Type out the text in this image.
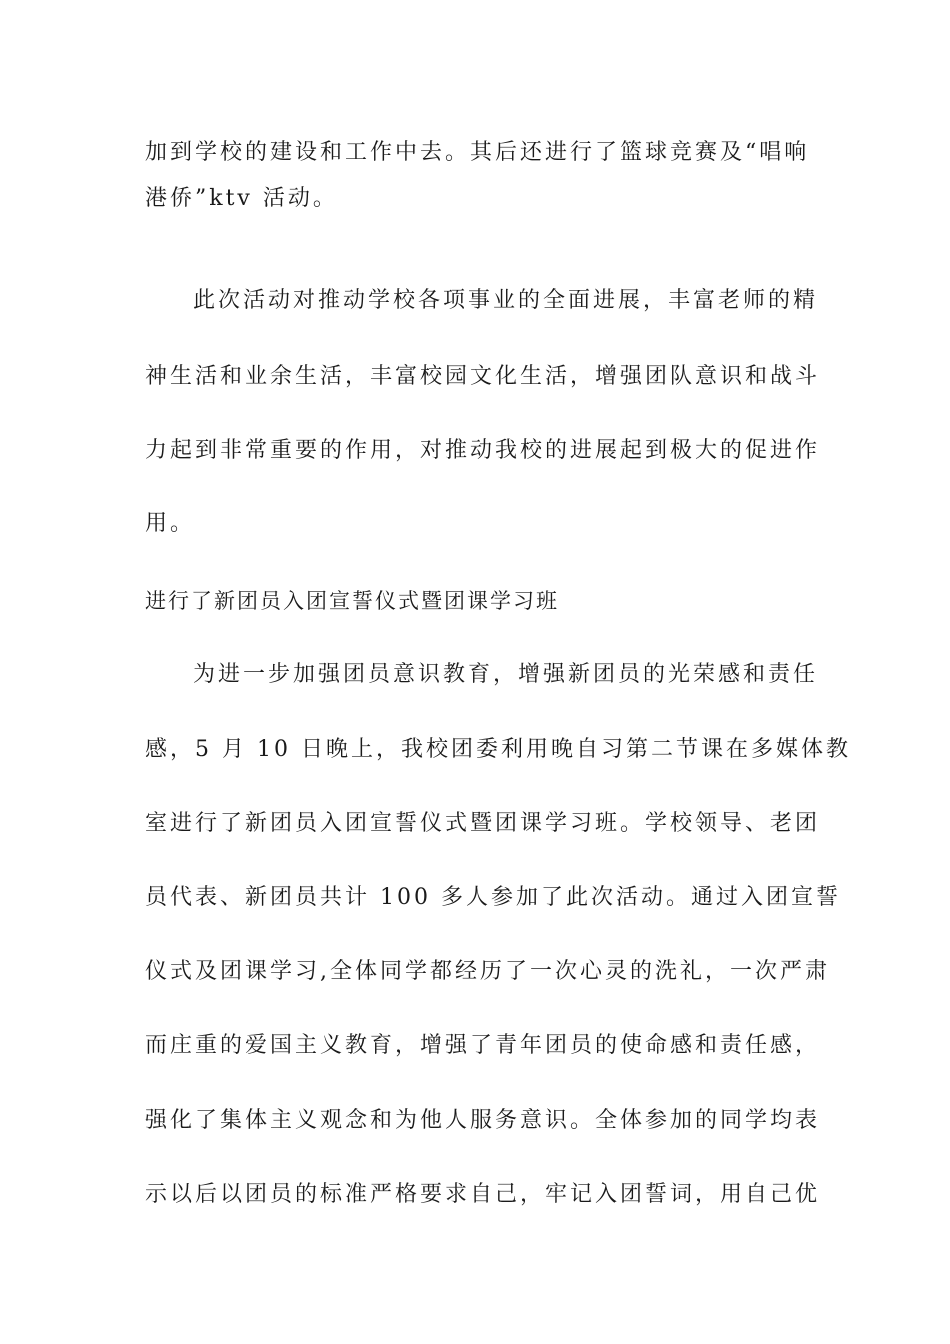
加到学校的建设和工作中去。其后还进行了篮球竞赛及“唱响
港侨”ktv 活动。
此次活动对推动学校各项事业的全面进展，丰富老师的精
神生活和业余生活，丰富校园文化生活，增强团队意识和战斗
力起到非常重要的作用，对推动我校的进展起到极大的促进作
用。
进行了新团员入团宣誓仪式暨团课学习班
为进一步加强团员意识教育，增强新团员的光荣感和责任
感，5 月 10 日晚上，我校团委利用晚自习第二节课在多媒体教
室进行了新团员入团宣誓仪式暨团课学习班。学校领导、老团
员代表、新团员共计 100 多人参加了此次活动。通过入团宣誓
仪式及团课学习,全体同学都经历了一次心灵的洗礼，一次严肃
而庄重的爱国主义教育，增强了青年团员的使命感和责任感，
强化了集体主义观念和为他人服务意识。全体参加的同学均表
示以后以团员的标准严格要求自己，牢记入团誓词，用自己优
